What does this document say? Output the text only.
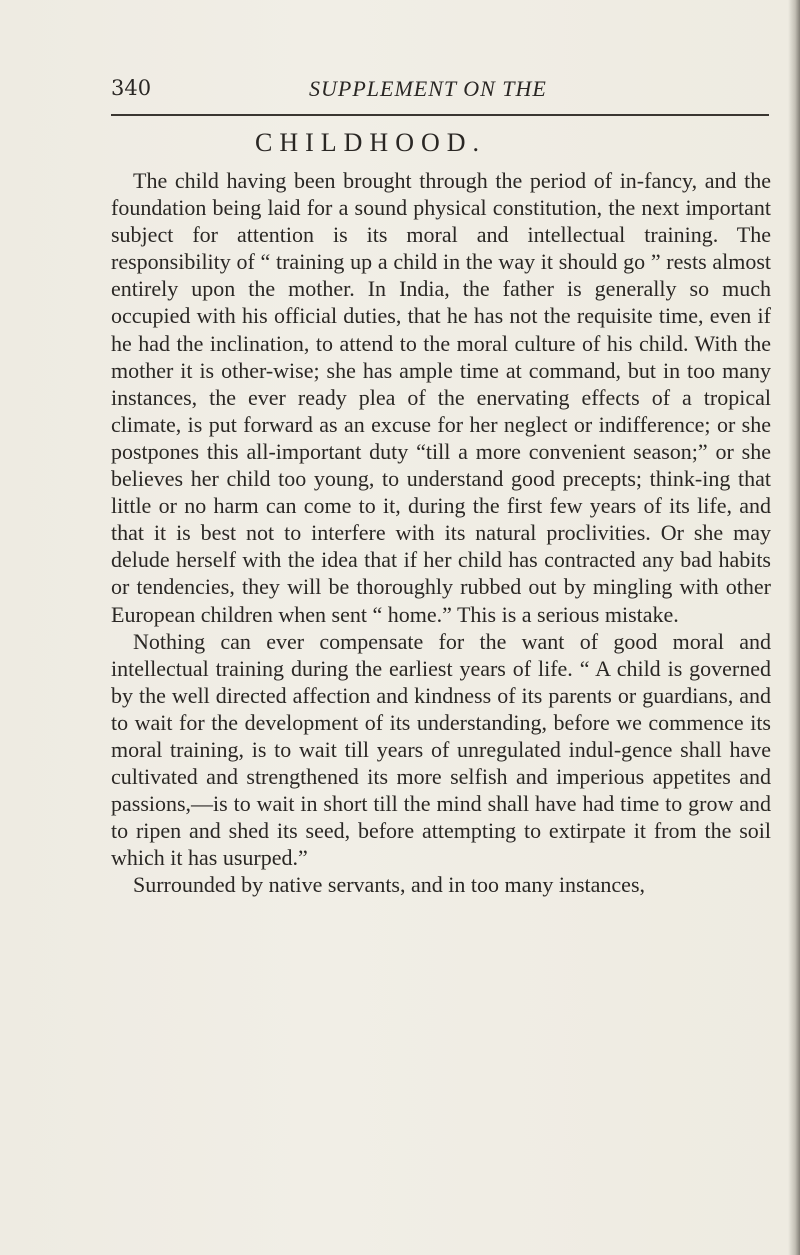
340	SUPPLEMENT ON THE
CHILDHOOD.

The child having been brought through the period of in-fancy, and the foundation being laid for a sound physical constitution, the next important subject for attention is its moral and intellectual training. The responsibility of “ training up a child in the way it should go ” rests almost entirely upon the mother. In India, the father is generally so much occupied with his official duties, that he has not the requisite time, even if he had the inclination, to attend to the moral culture of his child. With the mother it is other-wise; she has ample time at command, but in too many instances, the ever ready plea of the enervating effects of a tropical climate, is put forward as an excuse for her neglect or indifference; or she postpones this all-important duty “till a more convenient season;” or she believes her child too young, to understand good precepts; think-ing that little or no harm can come to it, during the first few years of its life, and that it is best not to interfere with its natural proclivities. Or she may delude herself with the idea that if her child has contracted any bad habits or tendencies, they will be thoroughly rubbed out by mingling with other European children when sent “ home.” This is a serious mistake.

Nothing can ever compensate for the want of good moral and intellectual training during the earliest years of life. “ A child is governed by the well directed affection and kindness of its parents or guardians, and to wait for the development of its understanding, before we commence its moral training, is to wait till years of unregulated indul-gence shall have cultivated and strengthened its more selfish and imperious appetites and passions,—is to wait in short till the mind shall have had time to grow and to ripen and shed its seed, before attempting to extirpate it from the soil which it has usurped.”

Surrounded by native servants, and in too many instances,
